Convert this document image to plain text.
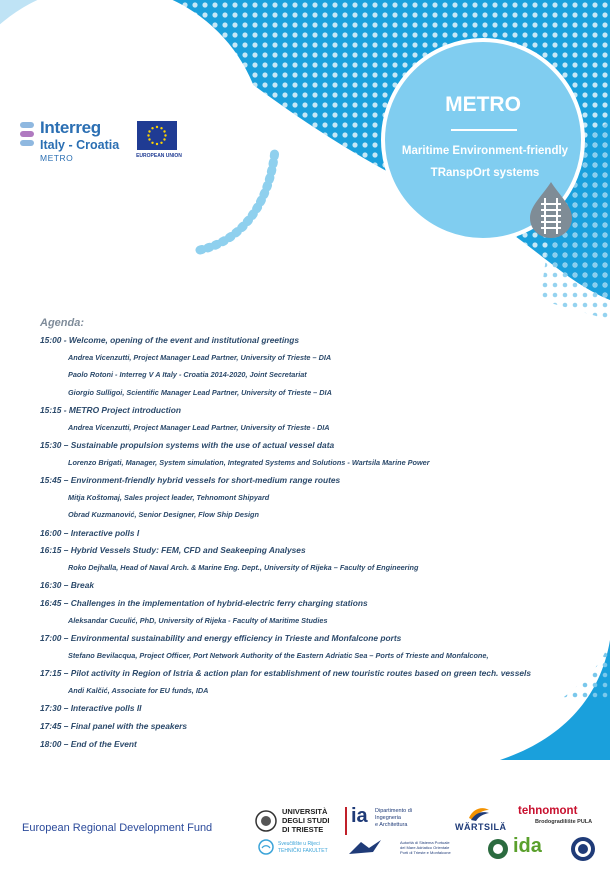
Interreg
Italy - Croatia
METRO	EUROPEAN UNION
METRO
Maritime Environment-friendly
TRanspOrt systems
Agenda:
15:00 - Welcome, opening of the event and institutional greetings
Andrea Vicenzutti, Project Manager Lead Partner, University of Trieste – DIA
Paolo Rotoni - Interreg V A Italy - Croatia 2014-2020, Joint Secretariat
Giorgio Sulligoi, Scientific Manager Lead Partner, University of Trieste – DIA
15:15 - METRO Project introduction
Andrea Vicenzutti, Project Manager Lead Partner, University of Trieste - DIA
15:30 – Sustainable propulsion systems with the use of actual vessel data
Lorenzo Brigati, Manager, System simulation, Integrated Systems and Solutions - Wartsila Marine Power
15:45 – Environment-friendly hybrid vessels for short-medium range routes
Mitja Koštomaj, Sales project leader, Tehnomont Shipyard
Obrad Kuzmanović, Senior Designer, Flow Ship Design
16:00 – Interactive polls I
16:15 – Hybrid Vessels Study: FEM, CFD and Seakeeping Analyses
Roko Dejhalla, Head of Naval Arch. & Marine Eng. Dept., University of Rijeka – Faculty of Engineering
16:30 – Break
16:45 – Challenges in the implementation of hybrid-electric ferry charging stations
Aleksandar Cuculić, PhD, University of Rijeka - Faculty of Maritime Studies
17:00 – Environmental sustainability and energy efficiency in Trieste and Monfalcone ports
Stefano Bevilacqua, Project Officer, Port Network Authority of the Eastern Adriatic Sea – Ports of Trieste and Monfalcone,
17:15 – Pilot activity in Region of Istria & action plan for establishment of new touristic routes based on green tech. vessels
Andi Kalčić, Associate for EU funds, IDA
17:30 – Interactive polls II
17:45 – Final panel with the speakers
18:00 – End of the Event
European Regional Development Fund
UNIVERSITÀ
DEGLI STUDI
DI TRIESTE
ia Dipartimento di
Ingegneria
e Architettura	WÄRTSILÄ
tehnomont
Brodogradilište PULA
Sveučilište u Rijeci
TEHNIČKI FAKULTET
Autorità di Sistema Portuale
del Mare Adriatico Orientale
Porti di Trieste e Monfalcone	ida
